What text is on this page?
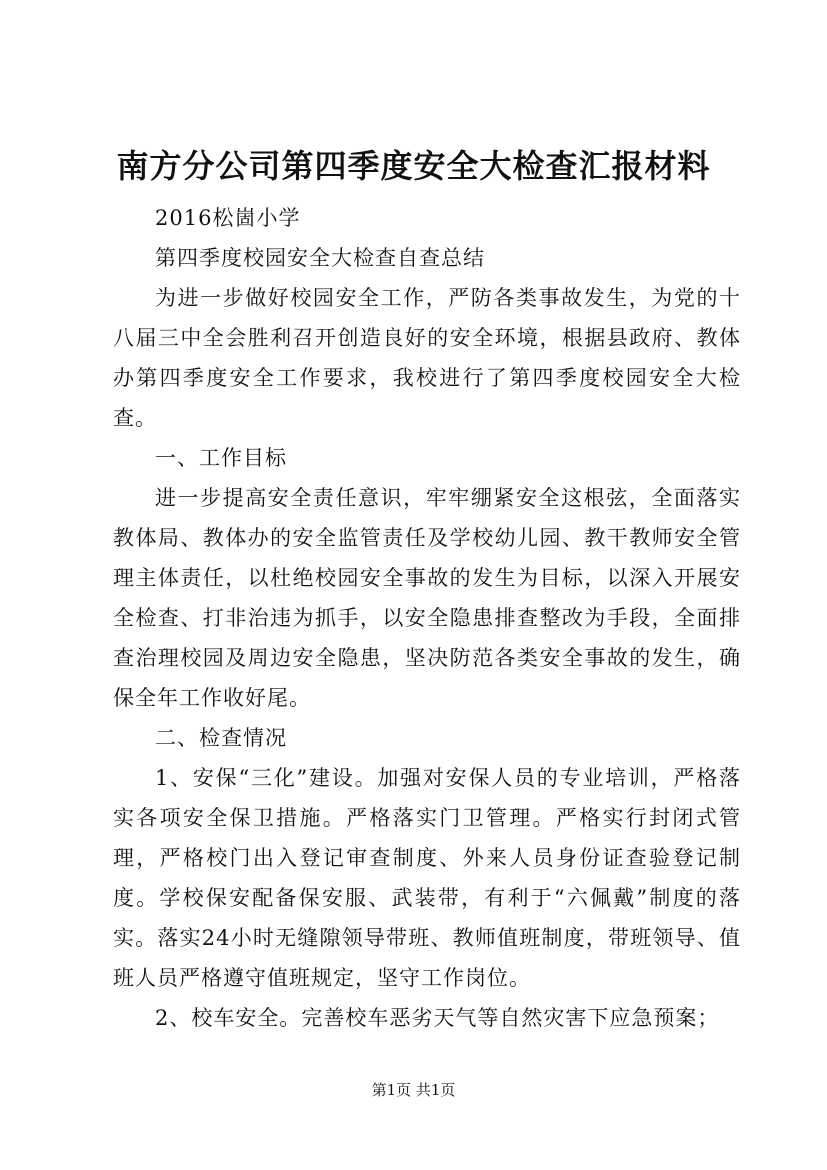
南方分公司第四季度安全大检查汇报材料

2016松崮小学

第四季度校园安全大检查自查总结

为进一步做好校园安全工作，严防各类事故发生，为党的十八届三中全会胜利召开创造良好的安全环境，根据县政府、教体办第四季度安全工作要求，我校进行了第四季度校园安全大检查。

一、工作目标

进一步提高安全责任意识，牢牢绷紧安全这根弦，全面落实教体局、教体办的安全监管责任及学校幼儿园、教干教师安全管理主体责任，以杜绝校园安全事故的发生为目标，以深入开展安全检查、打非治违为抓手，以安全隐患排查整改为手段，全面排查治理校园及周边安全隐患，坚决防范各类安全事故的发生，确保全年工作收好尾。

二、检查情况

1、安保“三化”建设。加强对安保人员的专业培训，严格落实各项安全保卫措施。严格落实门卫管理。严格实行封闭式管理，严格校门出入登记审查制度、外来人员身份证查验登记制度。学校保安配备保安服、武装带，有利于“六佩戴”制度的落实。落实24小时无缝隙领导带班、教师值班制度，带班领导、值班人员严格遵守值班规定，坚守工作岗位。

2、校车安全。完善校车恶劣天气等自然灾害下应急预案；

第1页 共1页
